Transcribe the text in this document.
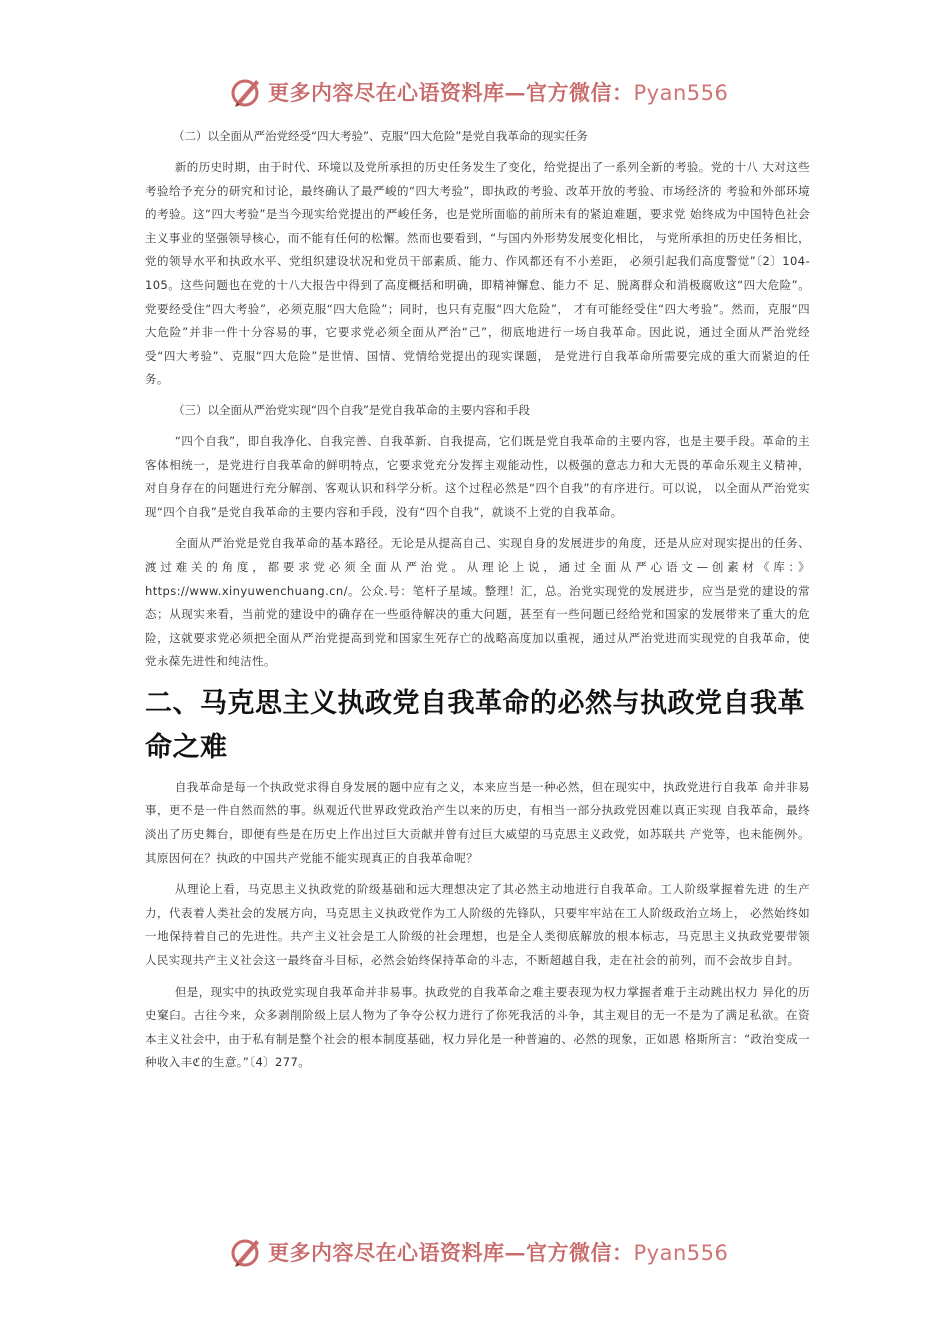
更多内容尽在心语资料库—官方微信：Pyan556
（二）以全面从严治党经受“四大考验”、克服“四大危险”是党自我革命的现实任务

新的历史时期，由于时代、环境以及党所承担的历史任务发生了变化，给党提出了一系列全新的考验。党的十八 大对这些考验给予充分的研究和讨论，最终确认了最严峻的“四大考验”，即执政的考验、改革开放的考验、市场经济的 考验和外部环境的考验。这“四大考验”是当今现实给党提出的严峻任务，也是党所面临的前所未有的紧迫难题，要求党 始终成为中国特色社会主义事业的坚强领导核心，而不能有任何的松懈。然而也要看到，“与国内外形势发展变化相比， 与党所承担的历史任务相比，党的领导水平和执政水平、党组织建设状况和党员干部素质、能力、作风都还有不小差距， 必须引起我们高度警觉”〔2〕104-105。这些问题也在党的十八大报告中得到了高度概括和明确，即精神懈怠、能力不 足、脱离群众和消极腐败这“四大危险”。党要经受住“四大考验”，必须克服“四大危险”；同时，也只有克服“四大危险”， 才有可能经受住“四大考验”。然而，克服“四大危险”并非一件十分容易的事，它要求党必须全面从严治“己”，彻底地进行一场自我革命。因此说，通过全面从严治党经受“四大考验”、克服“四大危险”是世情、国情、党情给党提出的现实课题， 是党进行自我革命所需要完成的重大而紧迫的任务。

（三）以全面从严治党实现“四个自我”是党自我革命的主要内容和手段

“四个自我”，即自我净化、自我完善、自我革新、自我提高，它们既是党自我革命的主要内容，也是主要手段。革命的主客体相统一，是党进行自我革命的鲜明特点，它要求党充分发挥主观能动性，以极强的意志力和大无畏的革命乐观主义精神，对自身存在的问题进行充分解剖、客观认识和科学分析。这个过程必然是“四个自我”的有序进行。可以说， 以全面从严治党实现“四个自我”是党自我革命的主要内容和手段，没有“四个自我”，就谈不上党的自我革命。

全面从严治党是党自我革命的基本路径。无论是从提高自己、实现自身的发展进步的角度，还是从应对现实提出的任务、渡过难关的角度，都要求党必须全面从严治党。从理论上说，通过全面从严心语文—创素材《库：》https://www.xinyuwenchuang.cn/。公众.号：笔杆子星域。整理！汇，总。治党实现党的发展进步，应当是党的建设的常态；从现实来看，当前党的建设中的确存在一些亟待解决的重大问题，甚至有一些问题已经给党和国家的发展带来了重大的危险，这就要求党必须把全面从严治党提高到党和国家生死存亡的战略高度加以重视，通过从严治党进而实现党的自我革命，使党永葆先进性和纯洁性。

二、马克思主义执政党自我革命的必然与执政党自我革命之难

自我革命是每一个执政党求得自身发展的题中应有之义，本来应当是一种必然，但在现实中，执政党进行自我革 命并非易事，更不是一件自然而然的事。纵观近代世界政党政治产生以来的历史，有相当一部分执政党因难以真正实现 自我革命，最终淡出了历史舞台，即便有些是在历史上作出过巨大贡献并曾有过巨大威望的马克思主义政党，如苏联共 产党等，也未能例外。其原因何在？执政的中国共产党能不能实现真正的自我革命呢？

从理论上看，马克思主义执政党的阶级基础和远大理想决定了其必然主动地进行自我革命。工人阶级掌握着先进 的生产力，代表着人类社会的发展方向，马克思主义执政党作为工人阶级的先锋队，只要牢牢站在工人阶级政治立场上， 必然始终如一地保持着自己的先进性。共产主义社会是工人阶级的社会理想，也是全人类彻底解放的根本标志，马克思主义执政党要带领人民实现共产主义社会这一最终奋斗目标，必然会始终保持革命的斗志，不断超越自我，走在社会的前列，而不会故步自封。

但是，现实中的执政党实现自我革命并非易事。执政党的自我革命之难主要表现为权力掌握者难于主动跳出权力 异化的历史窠臼。古往今来，众多剥削阶级上层人物为了争夺公权力进行了你死我活的斗争，其主观目的无一不是为了满足私欲。在资本主义社会中，由于私有制是整个社会的根本制度基础，权力异化是一种普遍的、必然的现象，正如恩 格斯所言：“政治变成一种收入丰ℭ的生意。”〔4〕277。

更多内容尽在心语资料库—官方微信：Pyan556
